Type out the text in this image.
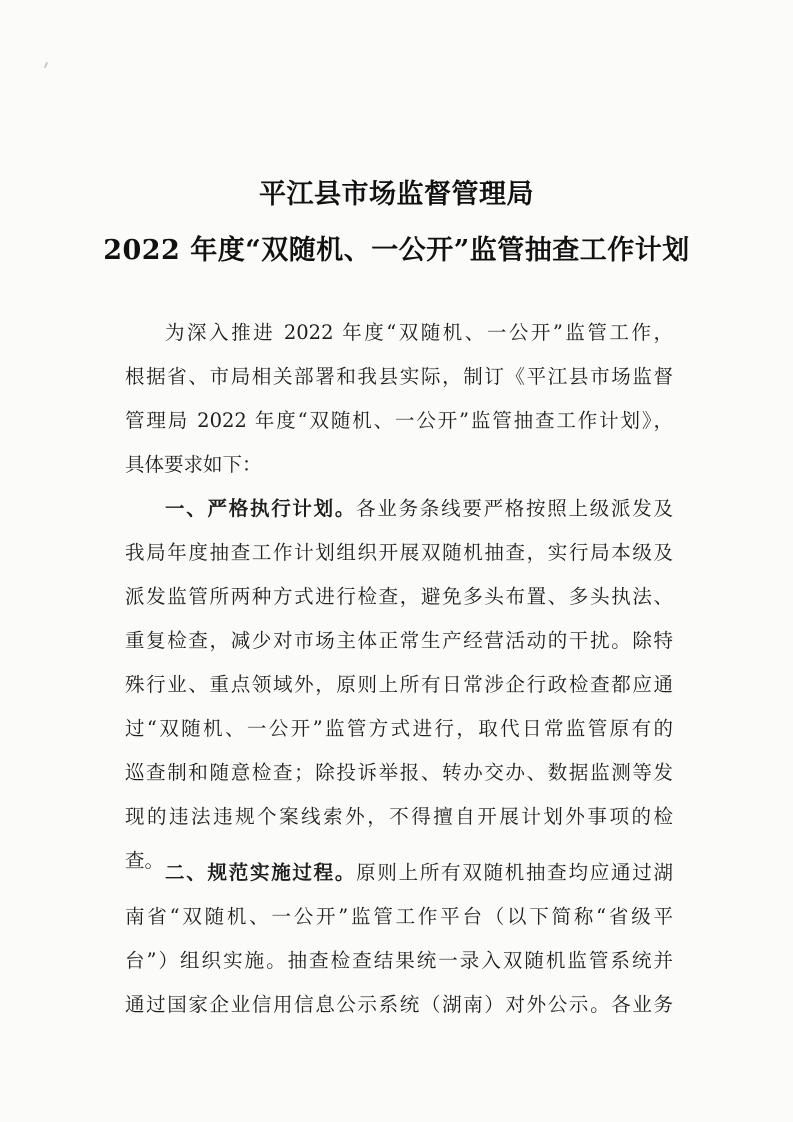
平江县市场监督管理局
2022 年度“双随机、一公开”监管抽查工作计划
为深入推进 2022 年度“双随机、一公开”监管工作，
根据省、市局相关部署和我县实际，制订《平江县市场监督
管理局 2022 年度“双随机、一公开”监管抽查工作计划》，
具体要求如下：
一、严格执行计划。各业务条线要严格按照上级派发及
我局年度抽查工作计划组织开展双随机抽查，实行局本级及
派发监管所两种方式进行检查，避免多头布置、多头执法、
重复检查，减少对市场主体正常生产经营活动的干扰。除特
殊行业、重点领域外，原则上所有日常涉企行政检查都应通
过“双随机、一公开”监管方式进行，取代日常监管原有的
巡查制和随意检查；除投诉举报、转办交办、数据监测等发
现的违法违规个案线索外，不得擅自开展计划外事项的检
查。
二、规范实施过程。原则上所有双随机抽查均应通过湖
南省“双随机、一公开”监管工作平台（以下简称“省级平
台”）组织实施。抽查检查结果统一录入双随机监管系统并
通过国家企业信用信息公示系统（湖南）对外公示。各业务
